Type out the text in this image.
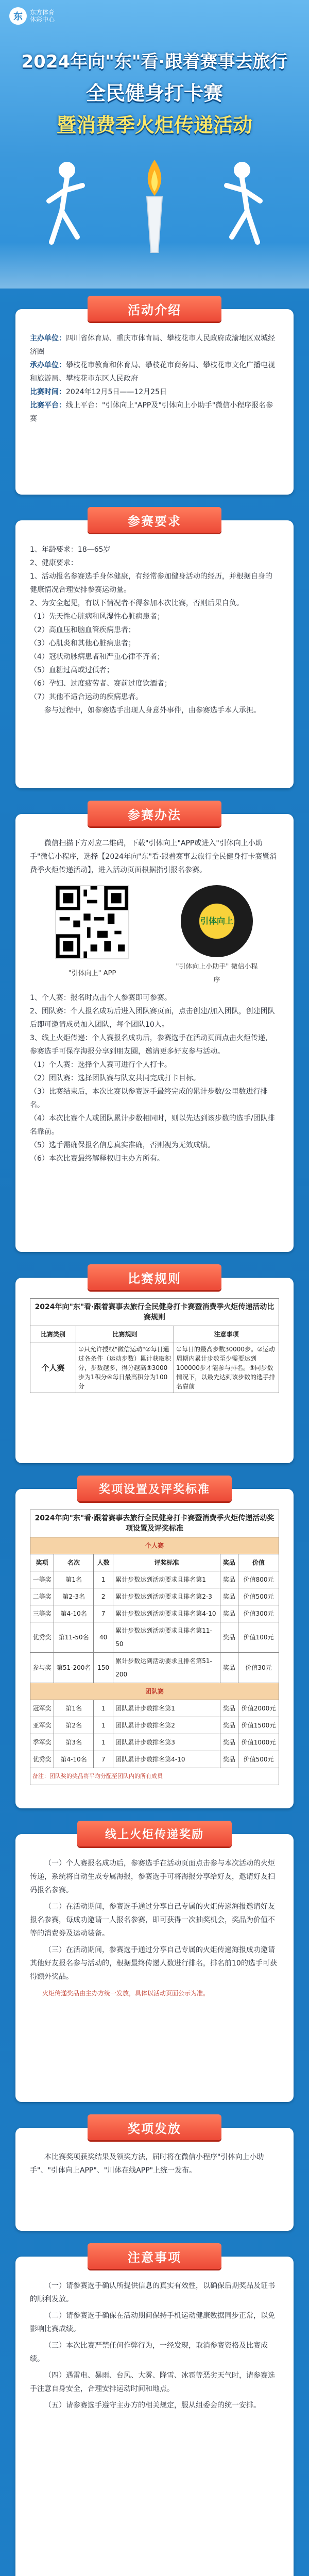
东	东方体育
体彩中心
2024年向"东"看·跟着赛事去旅行
全民健身打卡赛
暨消费季火炬传递活动
活动介绍

主办单位：四川省体育局、重庆市体育局、攀枝花市人民政府成渝地区双城经济圈

承办单位：攀枝花市教育和体育局、攀枝花市商务局、攀枝花市文化广播电视和旅游局、攀枝花市东区人民政府

比赛时间：2024年12月5日——12月25日

比赛平台：线上平台："引体向上"APP及"引体向上小助手"微信小程序报名参赛

参赛要求

1、年龄要求：18—65岁

2、健康要求：

1、活动报名参赛选手身体健康，有经常参加健身活动的经历，并根据自身的健康情况合理安排参赛运动量。

2、为安全起见，有以下情况者不得参加本次比赛，否则后果自负。

（1）先天性心脏病和风湿性心脏病患者；

（2）高血压和脑血管疾病患者；

（3）心肌炎和其他心脏病患者；

（4）冠状动脉病患者和严重心律不齐者；

（5）血糖过高或过低者；

（6）孕妇、过度疲劳者、赛前过度饮酒者；

（7）其他不适合运动的疾病患者。

参与过程中，如参赛选手出现人身意外事件，由参赛选手本人承担。

参赛办法

微信扫描下方对应二维码，下载"引体向上"APP或进入"引体向上小助手"微信小程序，选择【2024年向"东"看·跟着赛事去旅行全民健身打卡赛暨消费季火炬传递活动】，进入活动页面根据指引报名参赛。

"引体向上" APP
引体向上
"引体向上小助手" 微信小程序

1、个人赛：报名时点击个人参赛即可参赛。

2、团队赛：个人报名成功后进入团队赛页面，点击创建/加入团队，创建团队后即可邀请成员加入团队，每个团队10人。

3、线上火炬传递：个人赛报名成功后，参赛选手在活动页面点击火炬传递，参赛选手可保存海报分享到朋友圈，邀请更多好友参与活动。

（1）个人赛：选择个人赛可进行个人打卡。

（2）团队赛：选择团队赛与队友共同完成打卡目标。

（3）比赛结束后，本次比赛以参赛选手最终完成的累计步数/公里数进行排名。

（4）本次比赛个人或团队累计步数相同时，则以先达到该步数的选手/团队排名靠前。

（5）选手需确保报名信息真实准确，否则视为无效成绩。

（6）本次比赛最终解释权归主办方所有。

比赛规则
2024年向"东"看·跟着赛事去旅行全民健身打卡赛暨消费季火炬传递活动比赛规则		
比赛类别	比赛规则	注意事项
个人赛	①只允许授权"微信运动"②每日通过各条件（运动步数）累计获取积分，步数越多，得分越高③3000步为1积分④每日最高积分为100分	①每日的最高步数30000步。②运动周期内累计步数至少需要达到100000步才能参与排名。③同步数情况下，以最先达到该步数的选手排名靠前
奖项设置及评奖标准
2024年向"东"看·跟着赛事去旅行全民健身打卡赛暨消费季火炬传递活动奖项设置及评奖标准					
个人赛					
奖项	名次	人数	评奖标准	奖品	价值
一等奖	第1名	1	累计步数达到活动要求且排名第1	奖品	价值800元
二等奖	第2-3名	2	累计步数达到活动要求且排名第2-3	奖品	价值500元
三等奖	第4-10名	7	累计步数达到活动要求且排名第4-10	奖品	价值300元
优秀奖	第11-50名	40	累计步数达到活动要求且排名第11-50	奖品	价值100元
参与奖	第51-200名	150	累计步数达到活动要求且排名第51-200	奖品	价值30元
团队赛					
冠军奖	第1名	1	团队累计步数排名第1	奖品	价值2000元
亚军奖	第2名	1	团队累计步数排名第2	奖品	价值1500元
季军奖	第3名	1	团队累计步数排名第3	奖品	价值1000元
优秀奖	第4-10名	7	团队累计步数排名第4-10	奖品	价值500元
备注：团队奖的奖品将平均分配至团队内的所有成员					
线上火炬传递奖励

（一）个人赛报名成功后，参赛选手在活动页面点击参与本次活动的火炬传递，系统将自动生成专属海报，参赛选手可将海报分享给好友，邀请好友扫码报名参赛。

（二）在活动期间，参赛选手通过分享自己专属的火炬传递海报邀请好友报名参赛，每成功邀请一人报名参赛，即可获得一次抽奖机会，奖品为价值不等的消费券及运动装备。

（三）在活动期间，参赛选手通过分享自己专属的火炬传递海报成功邀请其他好友报名参与活动的，根据最终传递人数进行排名，排名前10的选手可获得额外奖品。

火炬传递奖品由主办方统一发放，具体以活动页面公示为准。

奖项发放

本比赛奖项获奖结果及领奖方法，届时将在微信小程序"引体向上小助手"、"引体向上APP"、"川体在线APP"上统一发布。

注意事项

（一）请参赛选手确认所提供信息的真实有效性，以确保后期奖品及证书的顺利发放。

（二）请参赛选手确保在活动期间保持手机运动健康数据同步正常，以免影响比赛成绩。

（三）本次比赛严禁任何作弊行为，一经发现，取消参赛资格及比赛成绩。

（四）遇雷电、暴雨、台风、大雾、降雪、冰雹等恶劣天气时，请参赛选手注意自身安全，合理安排运动时间和地点。

（五）请参赛选手遵守主办方的相关规定，服从组委会的统一安排。
